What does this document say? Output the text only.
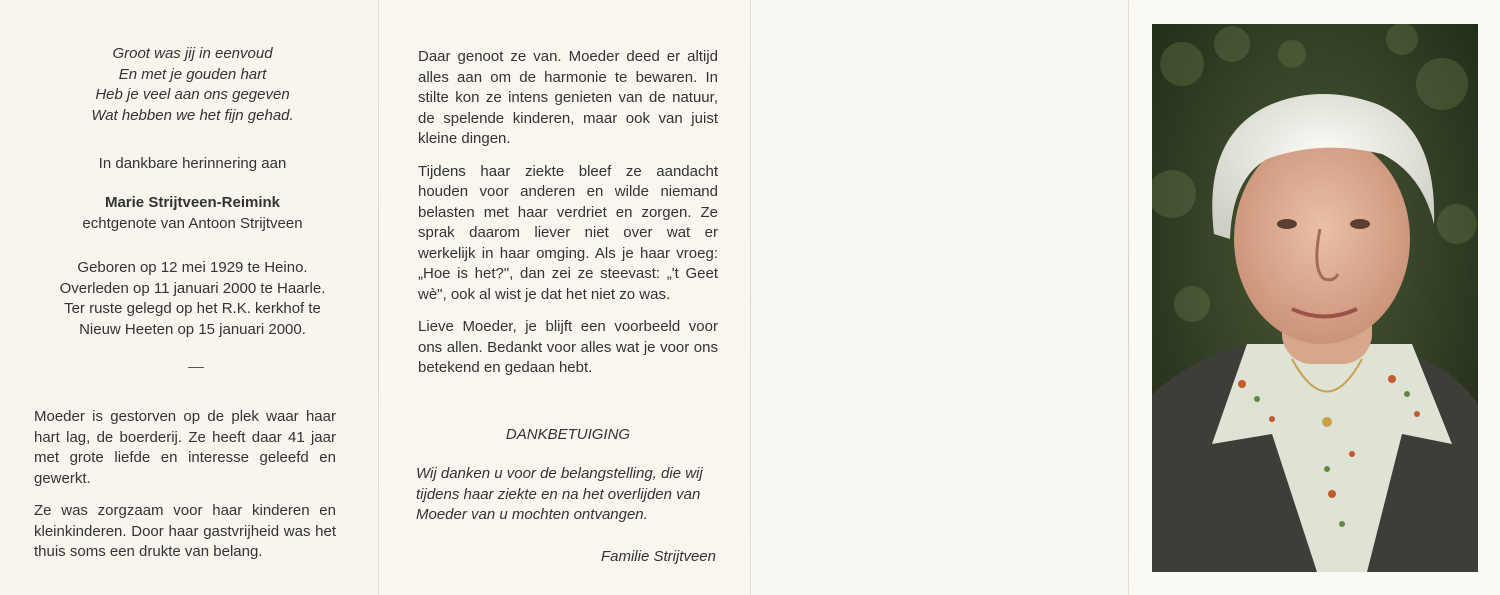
Groot was jij in eenvoud
En met je gouden hart
Heb je veel aan ons gegeven
Wat hebben we het fijn gehad.
In dankbare herinnering aan
Marie Strijtveen-Reimink
echtgenote van Antoon Strijtveen
Geboren op 12 mei 1929 te Heino.
Overleden op 11 januari 2000 te Haarle.
Ter ruste gelegd op het R.K. kerkhof te
Nieuw Heeten op 15 januari 2000.

Moeder is gestorven op de plek waar haar hart lag, de boerderij. Ze heeft daar 41 jaar met grote liefde en interesse geleefd en gewerkt.

Ze was zorgzaam voor haar kinderen en kleinkinderen. Door haar gastvrijheid was het thuis soms een drukte van belang.

Daar genoot ze van. Moeder deed er altijd alles aan om de harmonie te bewaren. In stilte kon ze intens genieten van de natuur, de spelende kinderen, maar ook van juist kleine dingen.

Tijdens haar ziekte bleef ze aandacht houden voor anderen en wilde niemand belasten met haar verdriet en zorgen. Ze sprak daarom liever niet over wat er werkelijk in haar omging. Als je haar vroeg: „Hoe is het?", dan zei ze steevast: „'t Geet wè", ook al wist je dat het niet zo was.

Lieve Moeder, je blijft een voorbeeld voor ons allen. Bedankt voor alles wat je voor ons betekend en gedaan hebt.

DANKBETUIGING
Wij danken u voor de belangstelling, die wij tijdens haar ziekte en na het overlijden van Moeder van u mochten ontvangen.
Familie Strijtveen
